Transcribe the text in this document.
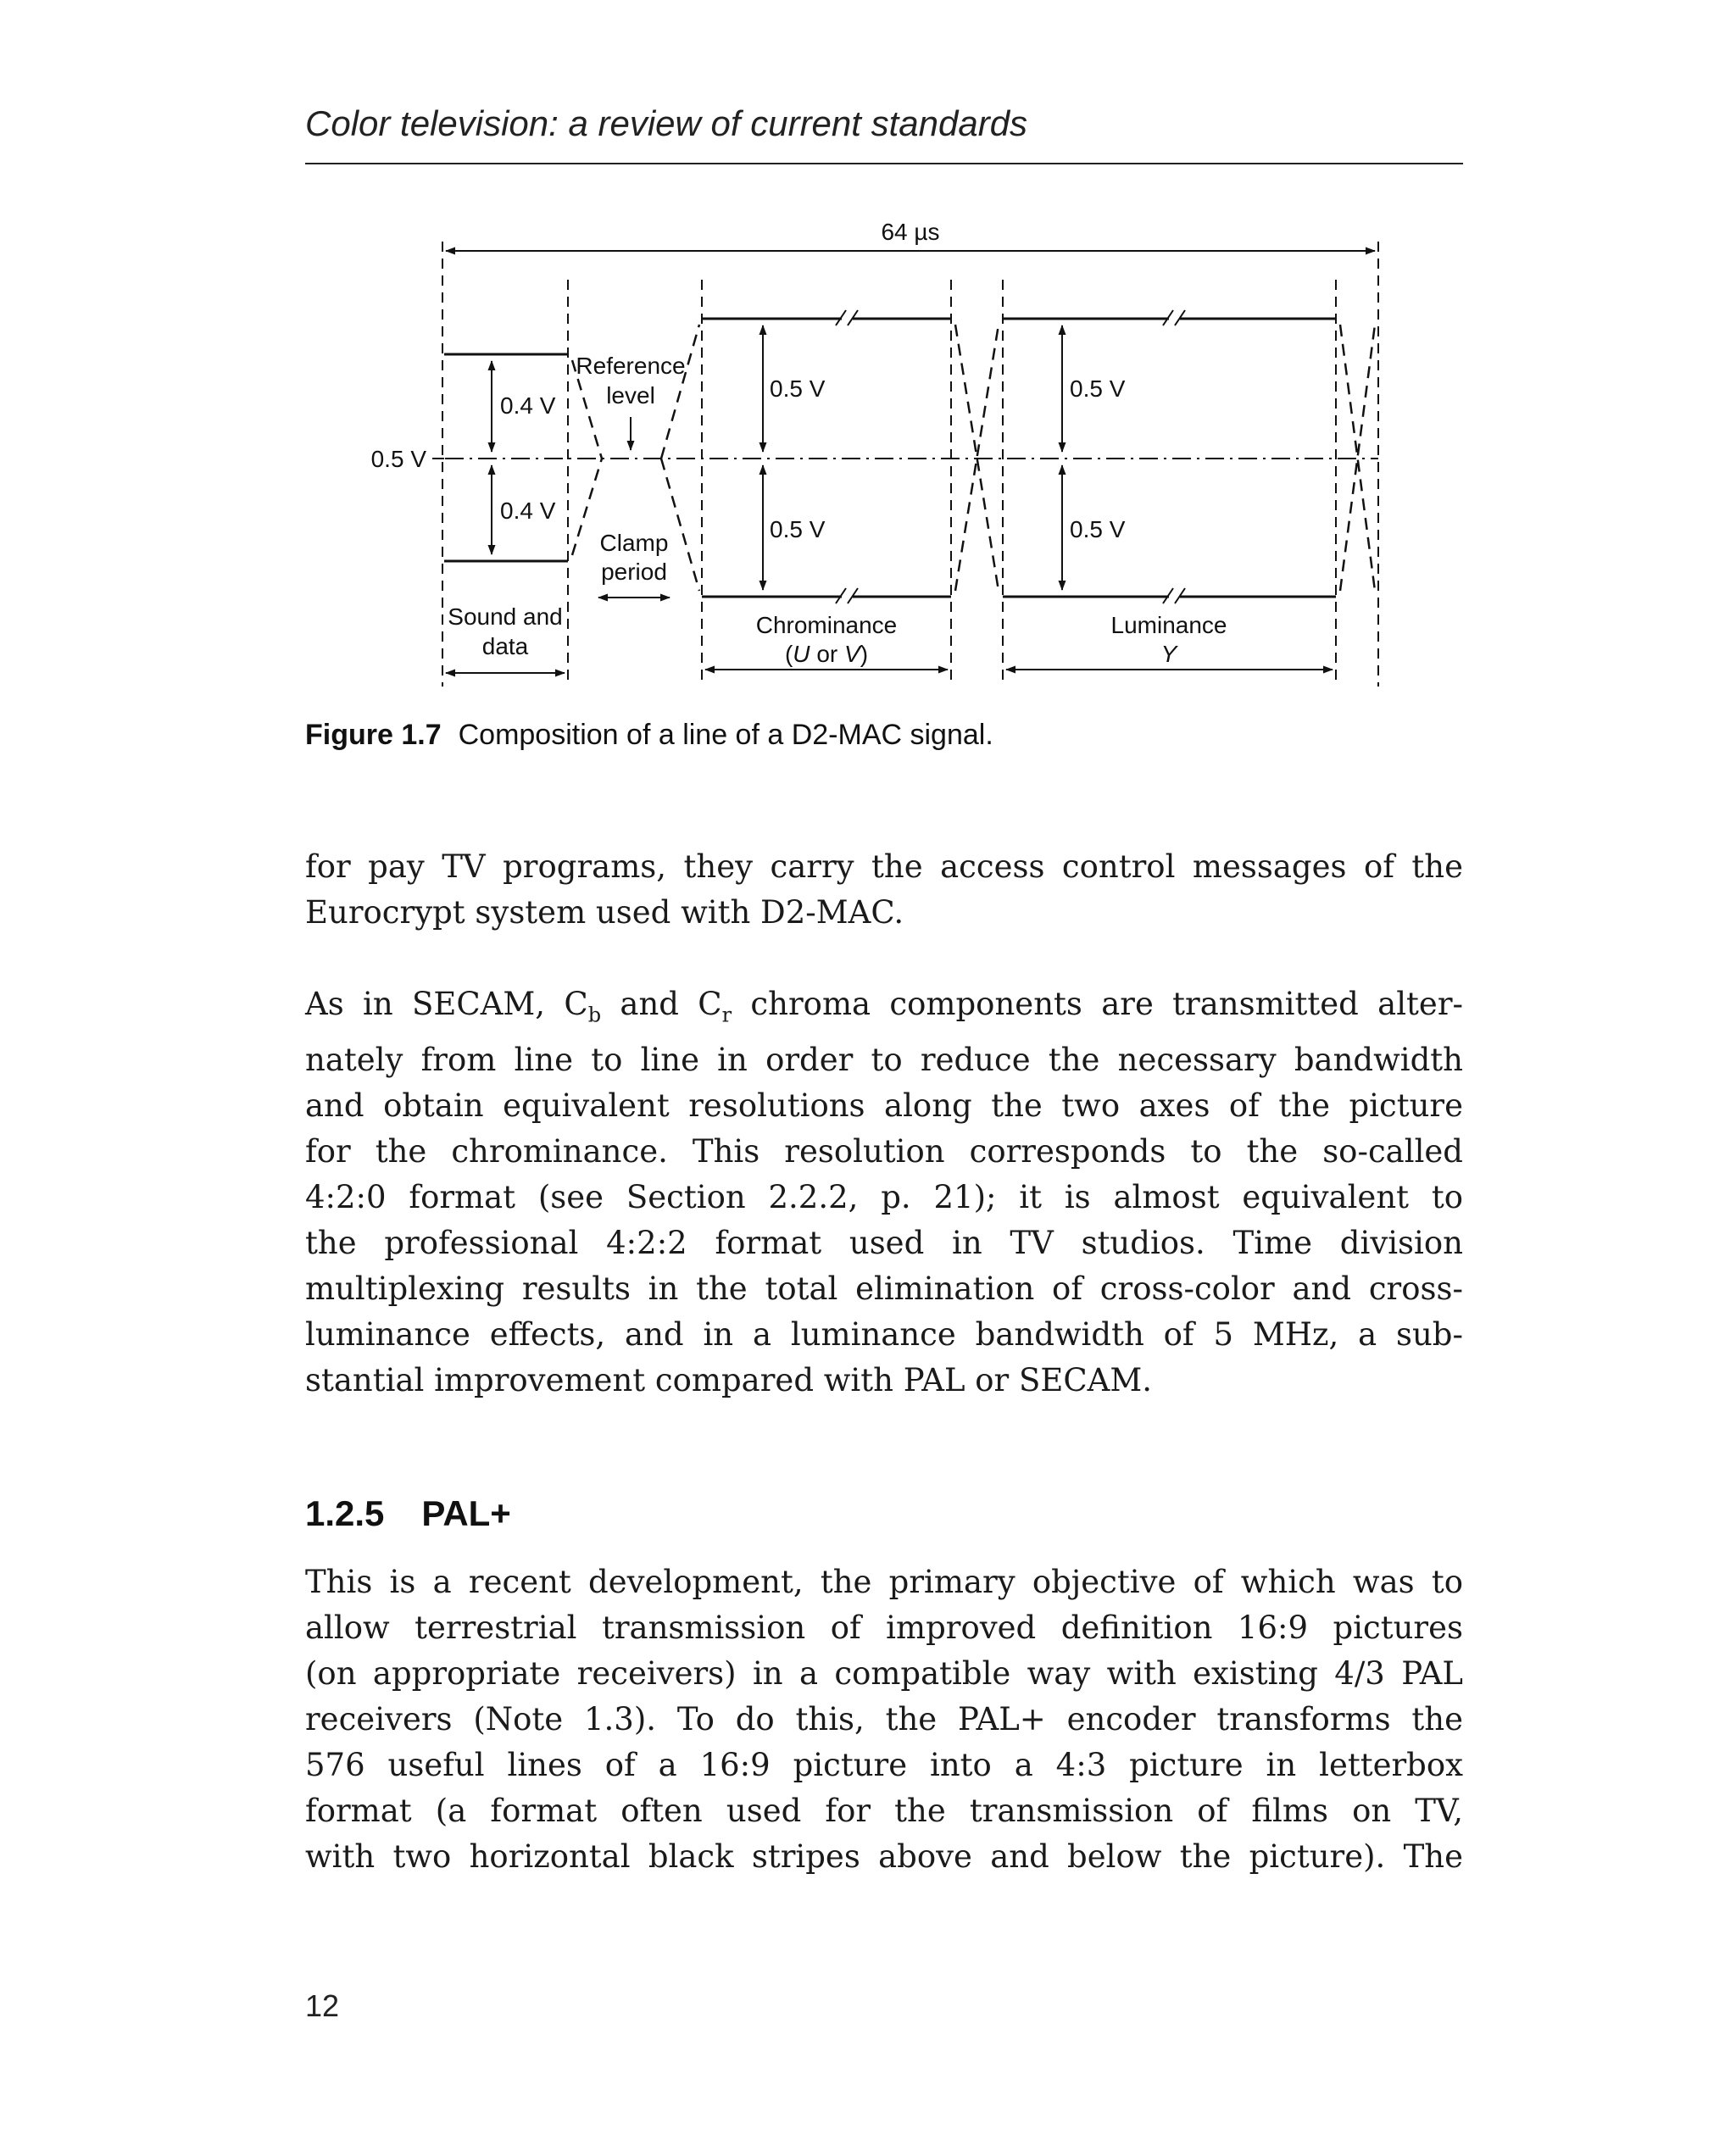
Color television: a review of current standards
64 µs
0.5 V
0.4 V
0.4 V
0.5 V
0.5 V
0.5 V
0.5 V
Reference
level
Clamp
period
Sound and
data
Chrominance
(U or V)
Luminance
Y
Figure 1.7 Composition of a line of a D2-MAC signal.
for pay TV programs, they carry the access control messages of the
Eurocrypt system used with D2-MAC.
As in SECAM, $C_b$ and $C_r$ chroma components are transmitted alter-
nately from line to line in order to reduce the necessary bandwidth
and obtain equivalent resolutions along the two axes of the picture
for the chrominance. This resolution corresponds to the so-called
4:2:0 format (see Section 2.2.2, p. 21); it is almost equivalent to
the professional 4:2:2 format used in TV studios. Time division
multiplexing results in the total elimination of cross-color and cross-
luminance effects, and in a luminance bandwidth of 5 MHz, a sub-
stantial improvement compared with PAL or SECAM.
1.2.5 PAL+
This is a recent development, the primary objective of which was to
allow terrestrial transmission of improved definition 16:9 pictures
(on appropriate receivers) in a compatible way with existing 4/3 PAL
receivers (Note 1.3). To do this, the PAL+ encoder transforms the
576 useful lines of a 16:9 picture into a 4:3 picture in letterbox
format (a format often used for the transmission of films on TV,
with two horizontal black stripes above and below the picture). The
12
